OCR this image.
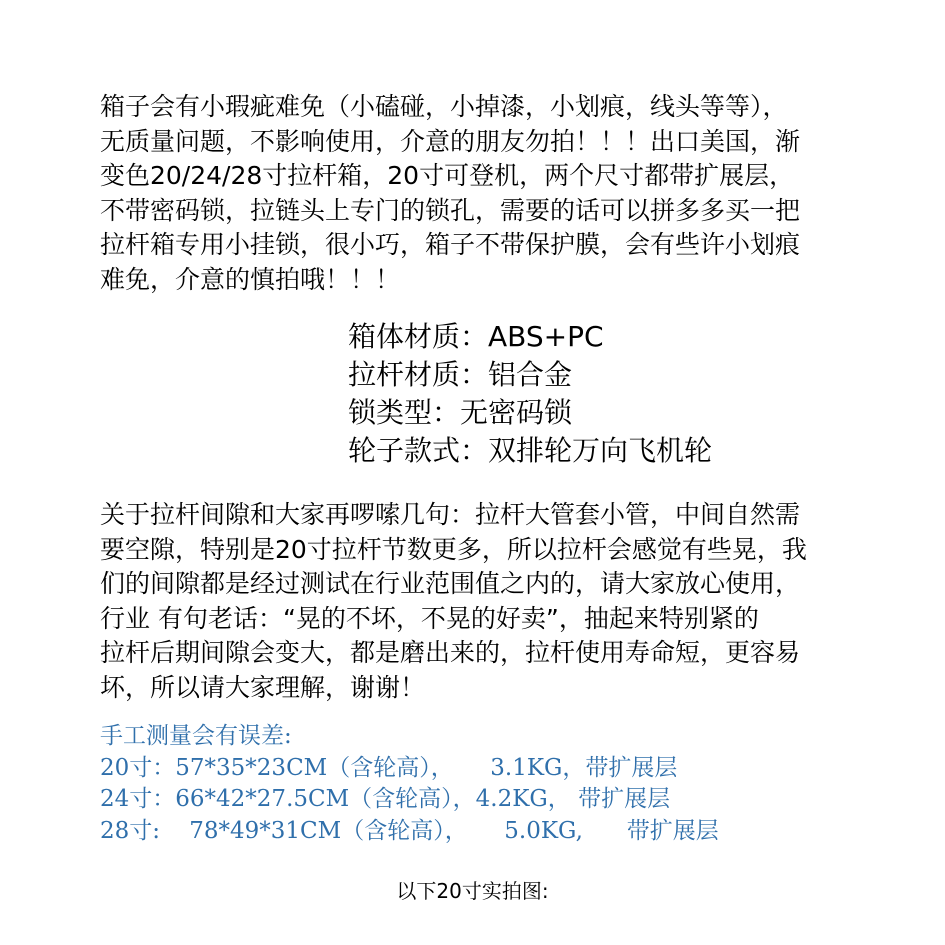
箱子会有小瑕疵难免（小磕碰，小掉漆，小划痕，线头等等），
无质量问题，不影响使用，介意的朋友勿拍！！！出口美国，渐
变色20/24/28寸拉杆箱，20寸可登机，两个尺寸都带扩展层，
不带密码锁，拉链头上专门的锁孔，需要的话可以拼多多买一把
拉杆箱专用小挂锁，很小巧，箱子不带保护膜，会有些许小划痕
难免，介意的慎拍哦！！！
箱体材质：ABS+PC
拉杆材质：铝合金
锁类型：无密码锁
轮子款式：双排轮万向飞机轮
关于拉杆间隙和大家再啰嗦几句：拉杆大管套小管，中间自然需
要空隙，特别是20寸拉杆节数更多，所以拉杆会感觉有些晃，我
们的间隙都是经过测试在行业范围值之内的，请大家放心使用，
行业 有句老话：“晃的不坏，不晃的好卖”，抽起来特别紧的
拉杆后期间隙会变大，都是磨出来的，拉杆使用寿命短，更容易
坏，所以请大家理解，谢谢！
手工测量会有误差:
20寸：57*35*23CM（含轮高），     3.1KG，带扩展层
24寸：66*42*27.5CM（含轮高），4.2KG， 带扩展层
28寸:    78*49*31CM（含轮高），     5.0KG,      带扩展层
以下20寸实拍图:
